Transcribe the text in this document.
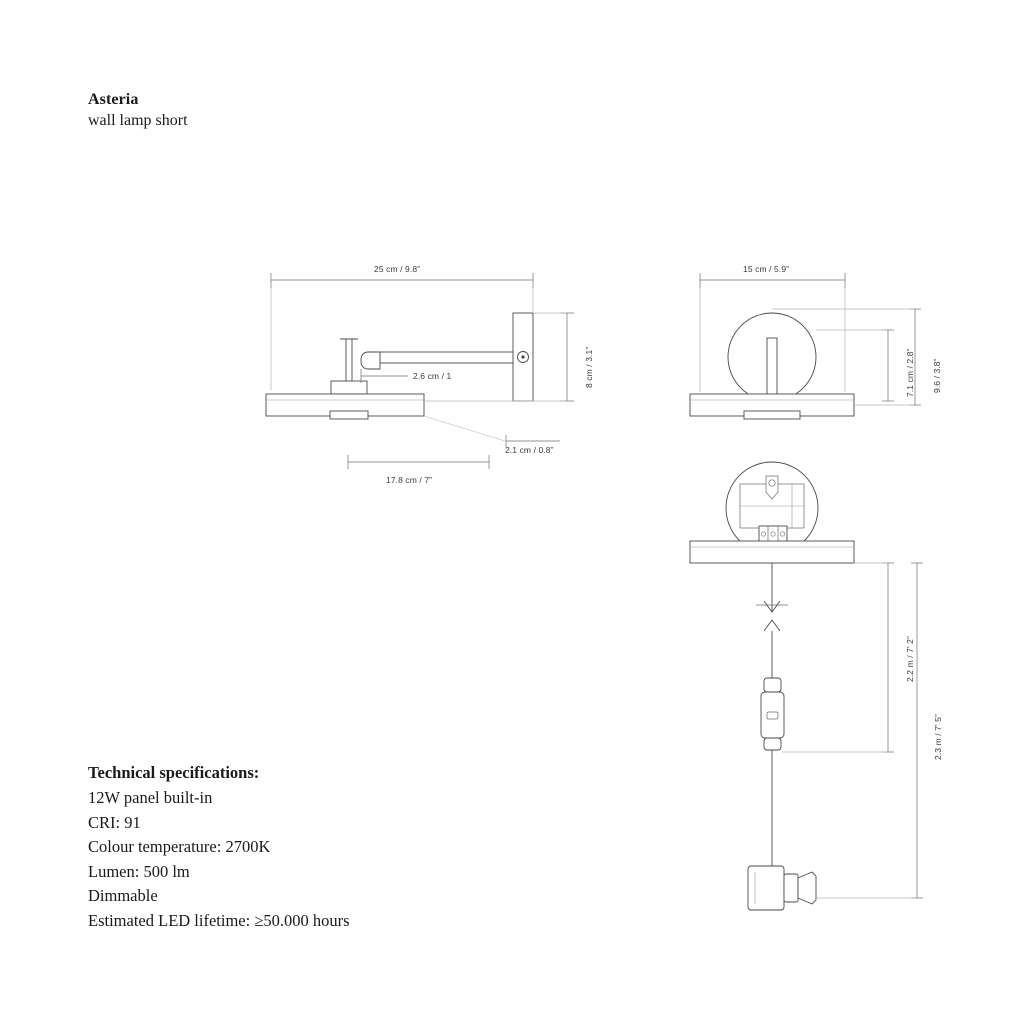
Asteria

wall lamp short

25 cm / 9.8”
2.6 cm / 1	8 cm / 3.1”
2.1 cm / 0.8”
17.8 cm / 7”
15 cm / 5.9”
7.1 cm / 2.8” 9.6 / 3.8”
2.2 m / 7' 2”
2.3 m / 7' 5”

Technical specifications:

12W panel built-in
CRI: 91
Colour temperature: 2700K
Lumen: 500 lm
Dimmable
Estimated LED lifetime: ≥50.000 hours
